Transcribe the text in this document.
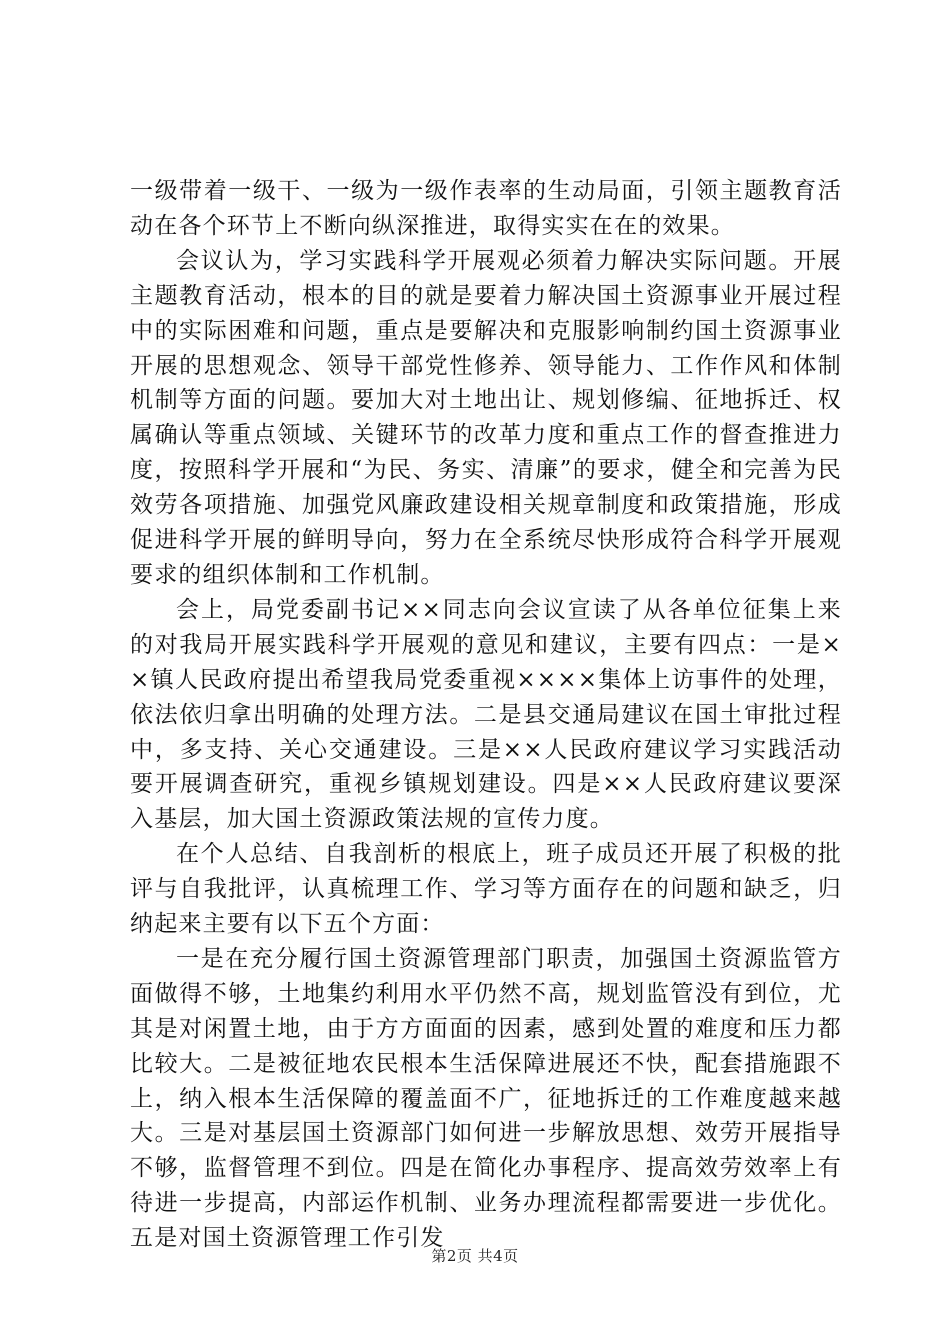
一级带着一级干、一级为一级作表率的生动局面，引领主题教育活动在各个环节上不断向纵深推进，取得实实在在的效果。

会议认为，学习实践科学开展观必须着力解决实际问题。开展主题教育活动，根本的目的就是要着力解决国土资源事业开展过程中的实际困难和问题，重点是要解决和克服影响制约国土资源事业开展的思想观念、领导干部党性修养、领导能力、工作作风和体制机制等方面的问题。要加大对土地出让、规划修编、征地拆迁、权属确认等重点领域、关键环节的改革力度和重点工作的督查推进力度，按照科学开展和“为民、务实、清廉”的要求，健全和完善为民效劳各项措施、加强党风廉政建设相关规章制度和政策措施，形成促进科学开展的鲜明导向，努力在全系统尽快形成符合科学开展观要求的组织体制和工作机制。

会上，局党委副书记××同志向会议宣读了从各单位征集上来的对我局开展实践科学开展观的意见和建议，主要有四点：一是××镇人民政府提出希望我局党委重视××××集体上访事件的处理，依法依归拿出明确的处理方法。二是县交通局建议在国土审批过程中，多支持、关心交通建设。三是××人民政府建议学习实践活动要开展调查研究，重视乡镇规划建设。四是××人民政府建议要深入基层，加大国土资源政策法规的宣传力度。

在个人总结、自我剖析的根底上，班子成员还开展了积极的批评与自我批评，认真梳理工作、学习等方面存在的问题和缺乏，归纳起来主要有以下五个方面：

一是在充分履行国土资源管理部门职责，加强国土资源监管方面做得不够，土地集约利用水平仍然不高，规划监管没有到位，尤其是对闲置土地，由于方方面面的因素，感到处置的难度和压力都比较大。二是被征地农民根本生活保障进展还不快，配套措施跟不上，纳入根本生活保障的覆盖面不广，征地拆迁的工作难度越来越大。三是对基层国土资源部门如何进一步解放思想、效劳开展指导不够，监督管理不到位。四是在简化办事程序、提高效劳效率上有待进一步提高，内部运作机制、业务办理流程都需要进一步优化。五是对国土资源管理工作引发

第2页 共4页
